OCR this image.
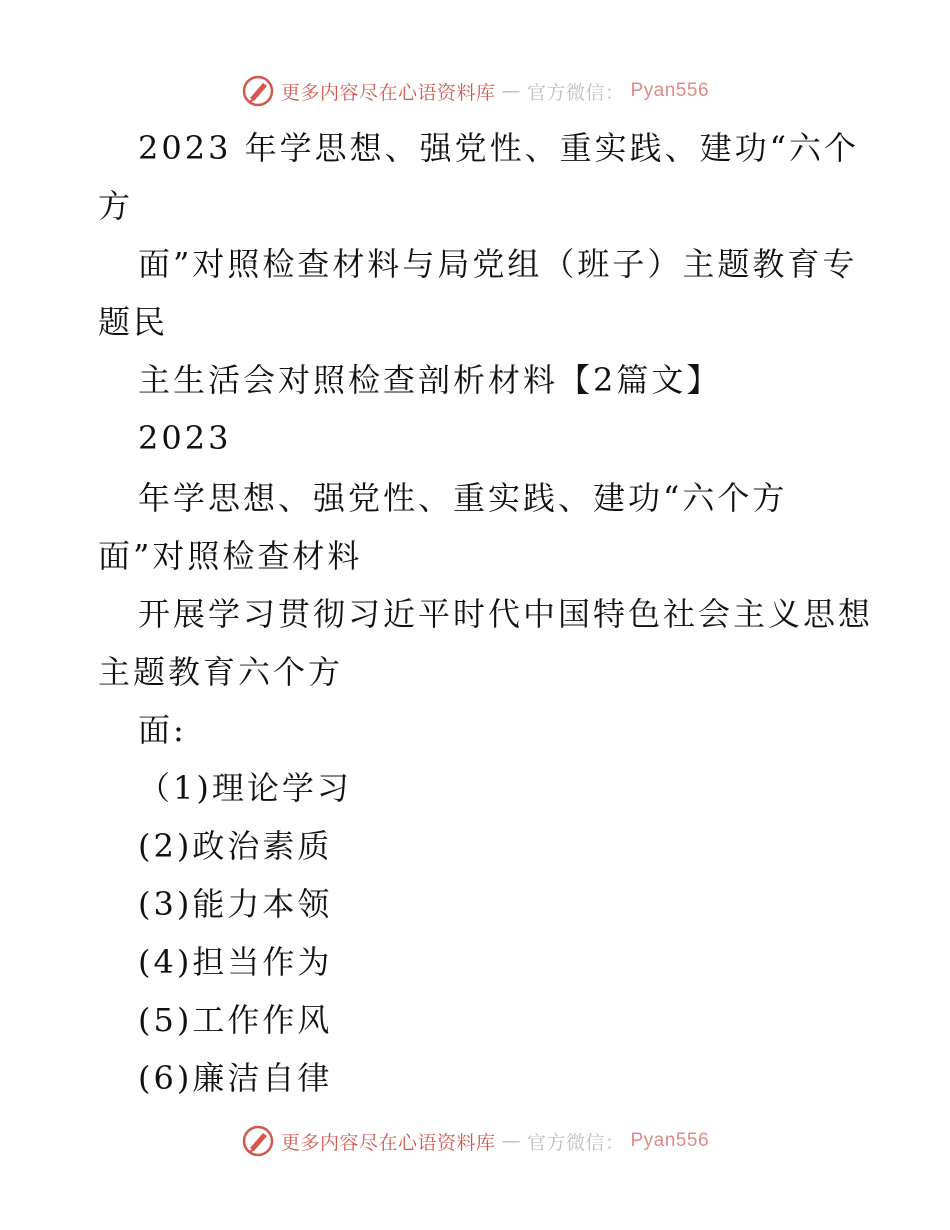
更多内容尽在心语资料库 — 官方微信： Pyan556
2023 年学思想、强党性、重实践、建功“六个
方
面”对照检查材料与局党组（班子）主题教育专
题民
主生活会对照检查剖析材料【2篇文】
2023
年学思想、强党性、重实践、建功“六个方
面”对照检查材料
开展学习贯彻习近平时代中国特色社会主义思想
主题教育六个方
面:
（1)理论学习
(2)政治素质
(3)能力本领
(4)担当作为
(5)工作作风
(6)廉洁自律
更多内容尽在心语资料库 — 官方微信： Pyan556
